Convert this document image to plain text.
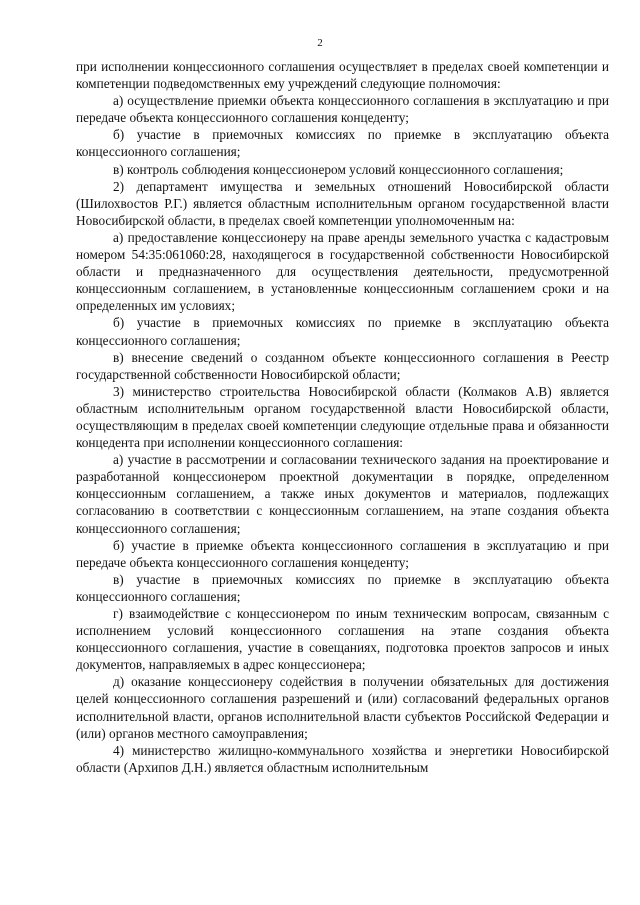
2

при исполнении концессионного соглашения осуществляет в пределах своей компетенции и компетенции подведомственных ему учреждений следующие полномочия:

а) осуществление приемки объекта концессионного соглашения в эксплуатацию и при передаче объекта концессионного соглашения концеденту;

б) участие в приемочных комиссиях по приемке в эксплуатацию объекта концессионного соглашения;

в) контроль соблюдения концессионером условий концессионного соглашения;

2) департамент имущества и земельных отношений Новосибирской области (Шилохвостов Р.Г.) является областным исполнительным органом государственной власти Новосибирской области, в пределах своей компетенции уполномоченным на:

а) предоставление концессионеру на праве аренды земельного участка с кадастровым номером 54:35:061060:28, находящегося в государственной собственности Новосибирской области и предназначенного для осуществления деятельности, предусмотренной концессионным соглашением, в установленные концессионным соглашением сроки и на определенных им условиях;

б) участие в приемочных комиссиях по приемке в эксплуатацию объекта концессионного соглашения;

в) внесение сведений о созданном объекте концессионного соглашения в Реестр государственной собственности Новосибирской области;

3) министерство строительства Новосибирской области (Колмаков А.В) является областным исполнительным органом государственной власти Новосибирской области, осуществляющим в пределах своей компетенции следующие отдельные права и обязанности концедента при исполнении концессионного соглашения:

а) участие в рассмотрении и согласовании технического задания на проектирование и разработанной концессионером проектной документации в порядке, определенном концессионным соглашением, а также иных документов и материалов, подлежащих согласованию в соответствии с концессионным соглашением, на этапе создания объекта концессионного соглашения;

б) участие в приемке объекта концессионного соглашения в эксплуатацию и при передаче объекта концессионного соглашения концеденту;

в) участие в приемочных комиссиях по приемке в эксплуатацию объекта концессионного соглашения;

г) взаимодействие с концессионером по иным техническим вопросам, связанным с исполнением условий концессионного соглашения на этапе создания объекта концессионного соглашения, участие в совещаниях, подготовка проектов запросов и иных документов, направляемых в адрес концессионера;

д) оказание концессионеру содействия в получении обязательных для достижения целей концессионного соглашения разрешений и (или) согласований федеральных органов исполнительной власти, органов исполнительной власти субъектов Российской Федерации и (или) органов местного самоуправления;

4) министерство жилищно-коммунального хозяйства и энергетики Новосибирской области (Архипов Д.Н.) является областным исполнительным
